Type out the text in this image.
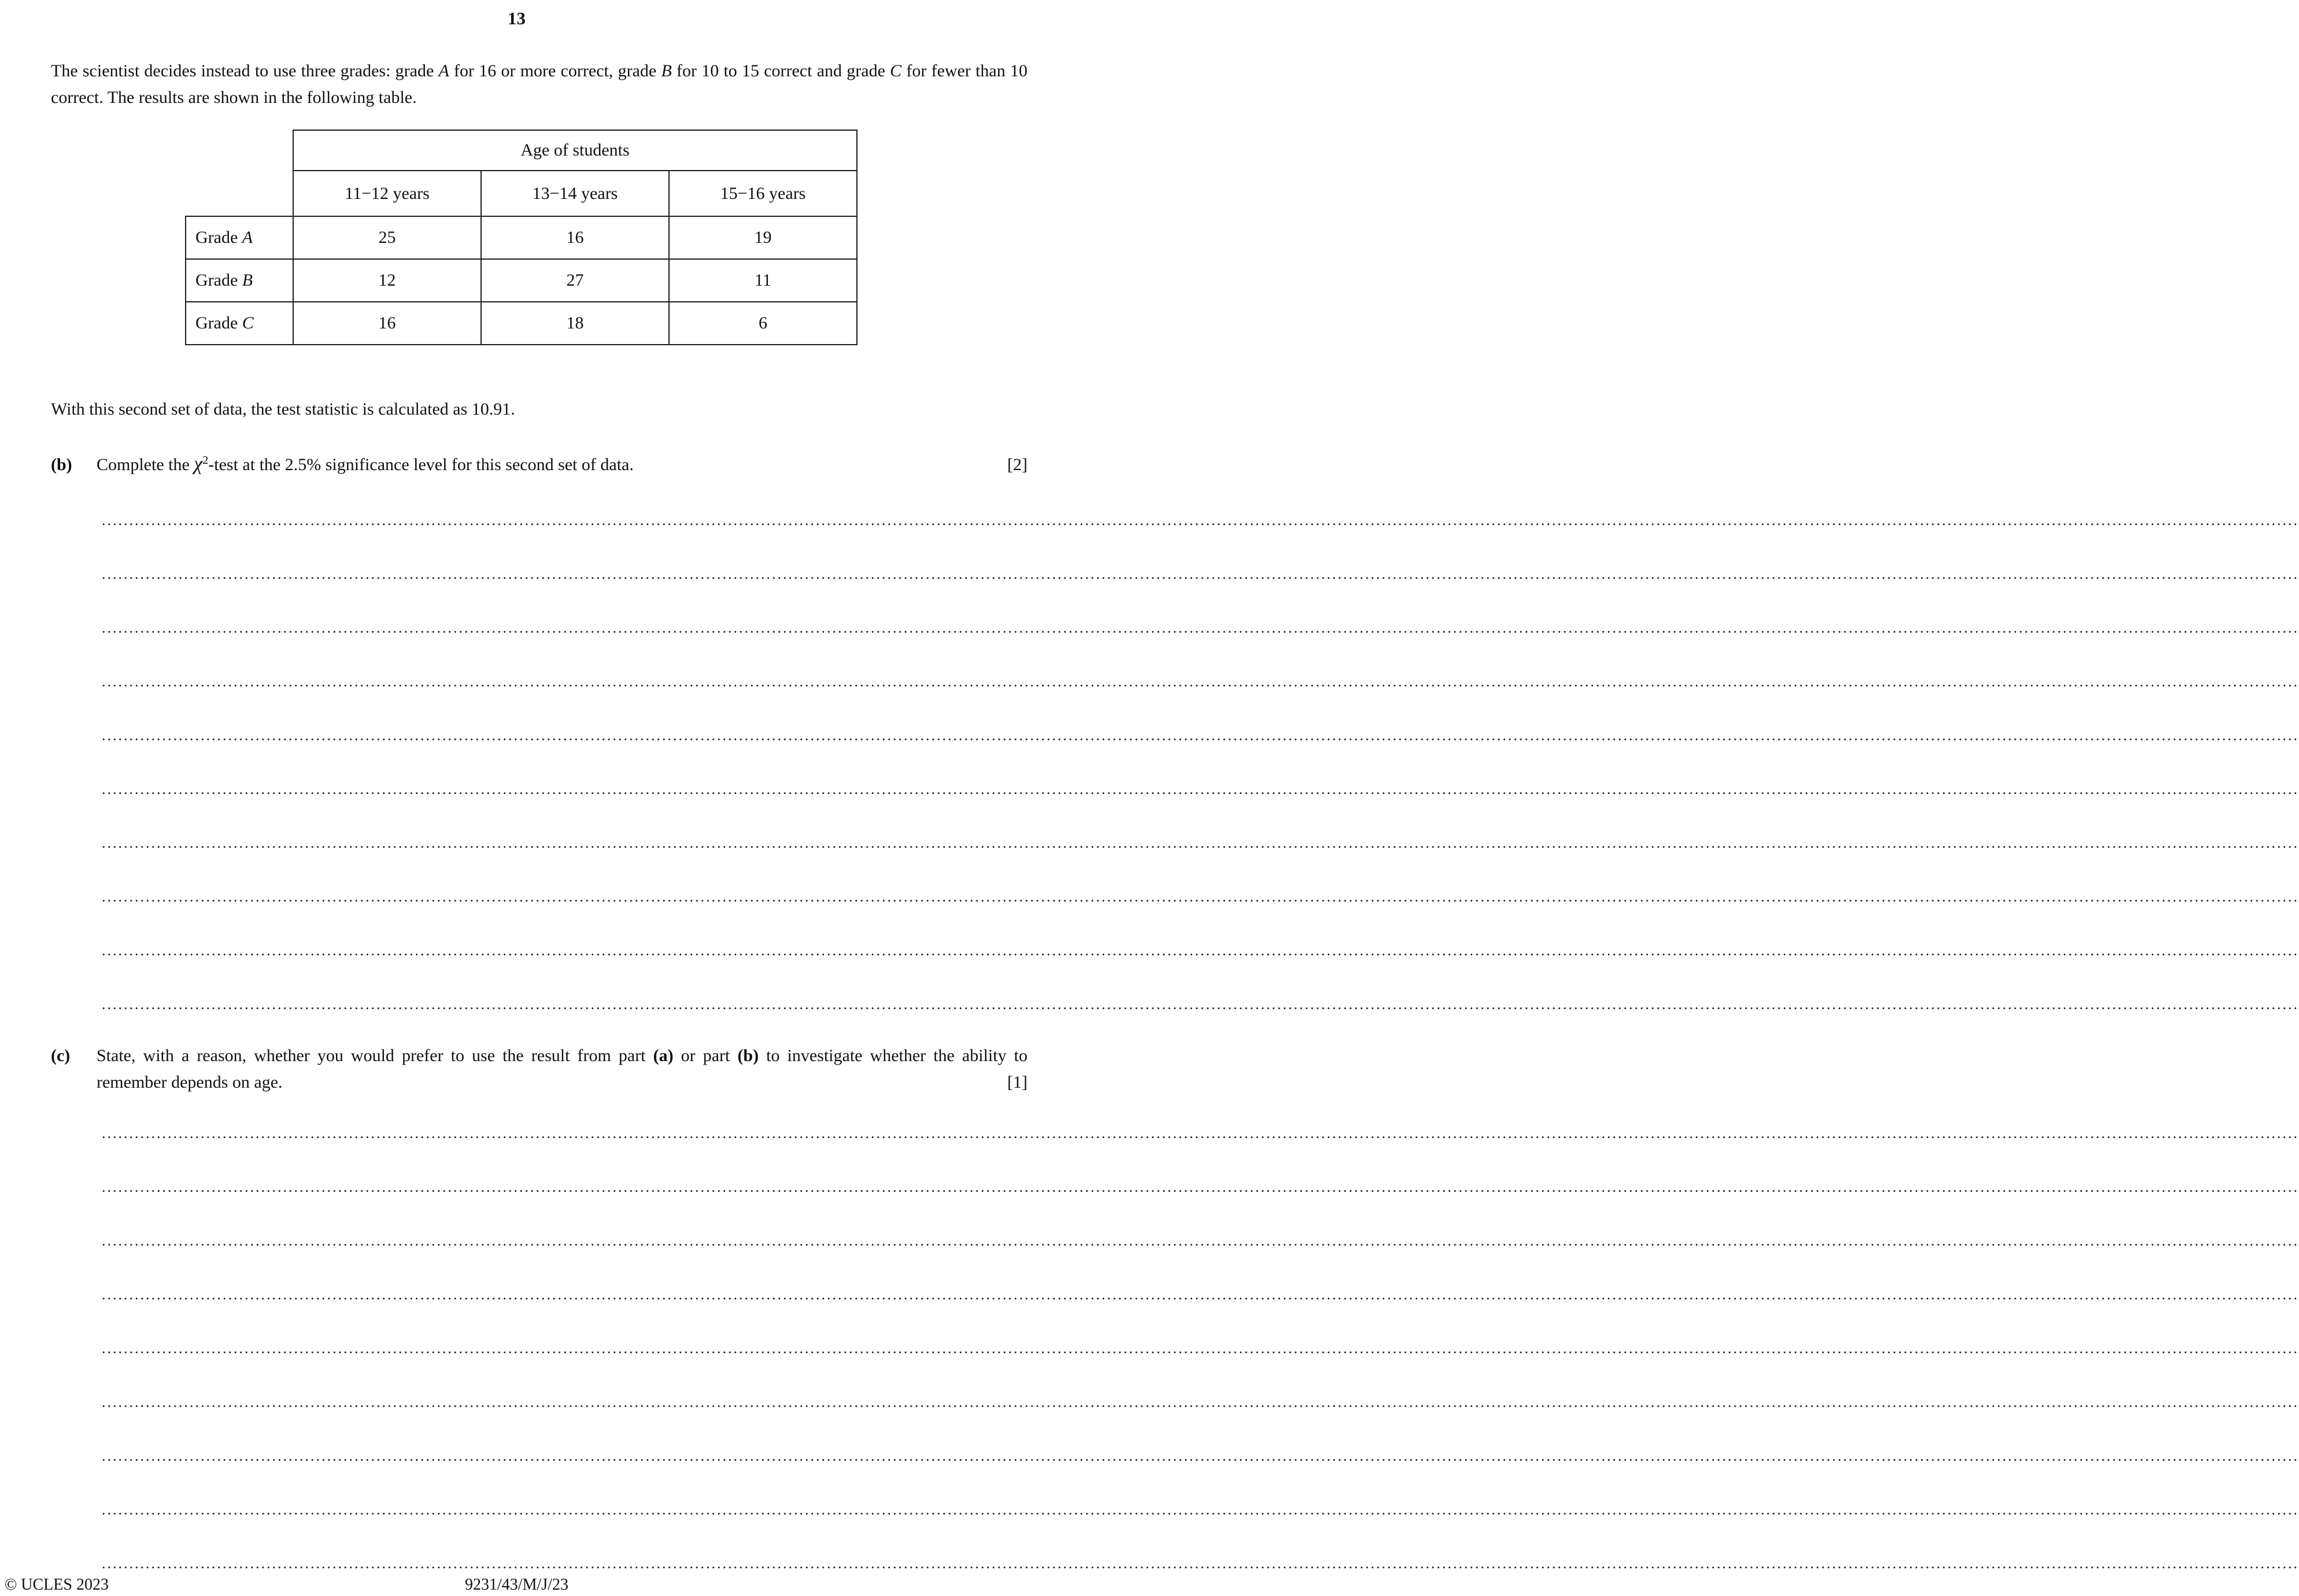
13

The scientist decides instead to use three grades: grade A for 16 or more correct, grade B for 10 to 15 correct and grade C for fewer than 10 correct. The results are shown in the following table.

	Age of students		
	11−12 years	13−14 years	15−16 years
Grade A	25	16	19
Grade B	12	27	11
Grade C	16	18	6

With this second set of data, the test statistic is calculated as 10.91.

(b)	Complete the $\chi^2$-test at the 2.5% significance level for this second set of data.	[2]
................................................................................................................................................................................................................................................................................................................................................................................................................
................................................................................................................................................................................................................................................................................................................................................................................................................
................................................................................................................................................................................................................................................................................................................................................................................................................
................................................................................................................................................................................................................................................................................................................................................................................................................
................................................................................................................................................................................................................................................................................................................................................................................................................
................................................................................................................................................................................................................................................................................................................................................................................................................
................................................................................................................................................................................................................................................................................................................................................................................................................
................................................................................................................................................................................................................................................................................................................................................................................................................
................................................................................................................................................................................................................................................................................................................................................................................................................
................................................................................................................................................................................................................................................................................................................................................................................................................
(c)	State, with a reason, whether you would prefer to use the result from part (a) or part (b) to investigate whether the ability to remember depends on age.	[1]
................................................................................................................................................................................................................................................................................................................................................................................................................
................................................................................................................................................................................................................................................................................................................................................................................................................
................................................................................................................................................................................................................................................................................................................................................................................................................
................................................................................................................................................................................................................................................................................................................................................................................................................
................................................................................................................................................................................................................................................................................................................................................................................................................
................................................................................................................................................................................................................................................................................................................................................................................................................
................................................................................................................................................................................................................................................................................................................................................................................................................
................................................................................................................................................................................................................................................................................................................................................................................................................
................................................................................................................................................................................................................................................................................................................................................................................................................
© UCLES 2023	9231/43/M/J/23
